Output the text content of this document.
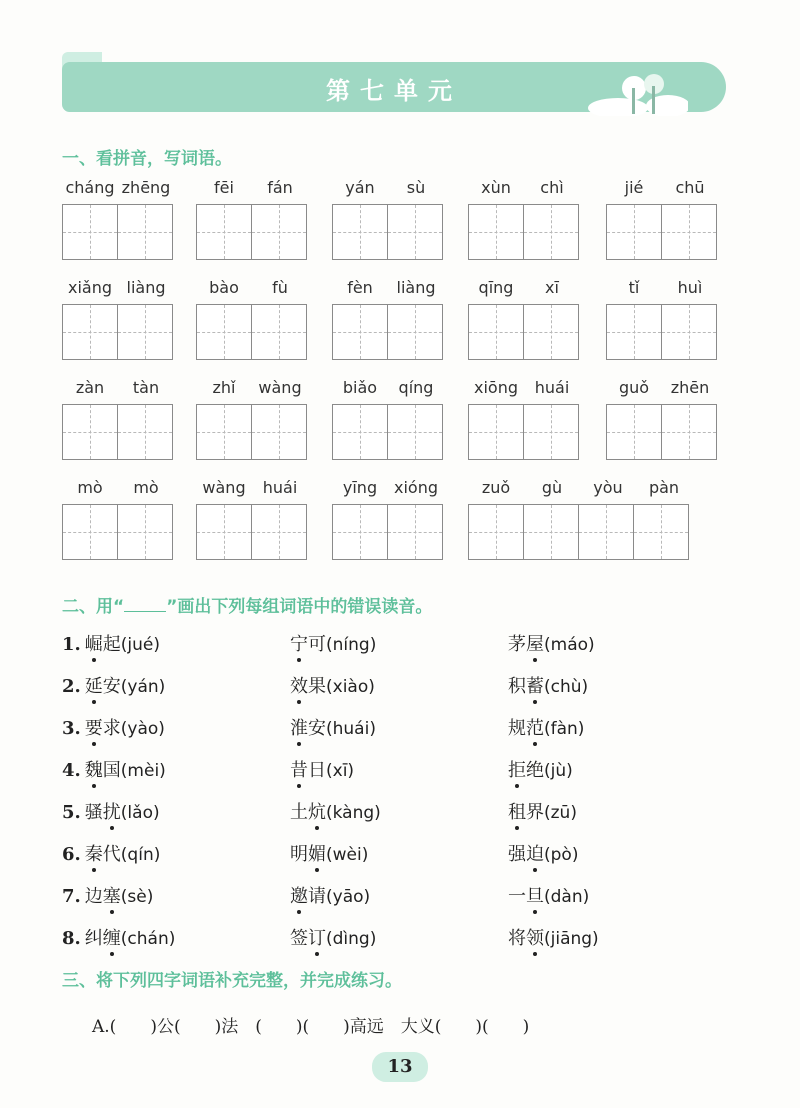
第七单元
一、看拼音，写词语。
cháng zhēng	fēi	fán	yán	sù	xùn	chì	jié	chū
xiǎng liàng	bào	fù	fèn	liàng	qīng	xī	tǐ	huì
zàn	tàn	zhǐ	wàng	biǎo	qíng	xiōng	huái	guǒ	zhēn
mò	mò	wàng	huái	yīng	xióng	zuǒ	gù	yòu	pàn
二、用“ ”画出下列每组词语中的错误读音。
1. 崛起(jué)	宁可(níng)	茅屋(máo)
2. 延安(yán)	效果(xiào)	积蓄(chù)
3. 要求(yào)	淮安(huái)	规范(fàn)
4. 魏国(mèi)	昔日(xī)	拒绝(jù)
5. 骚扰(lǎo)	土炕(kàng)	租界(zū)
6. 秦代(qín)	明媚(wèi)	强迫(pò)
7. 边塞(sè)	邀请(yāo)	一旦(dàn)
8. 纠缠(chán)	签订(dìng)	将领(jiāng)
三、将下列四字词语补充完整，并完成练习。
A.(　　)公(　　)法　(　　)(　　)高远　大义(　　)(　　)
13
